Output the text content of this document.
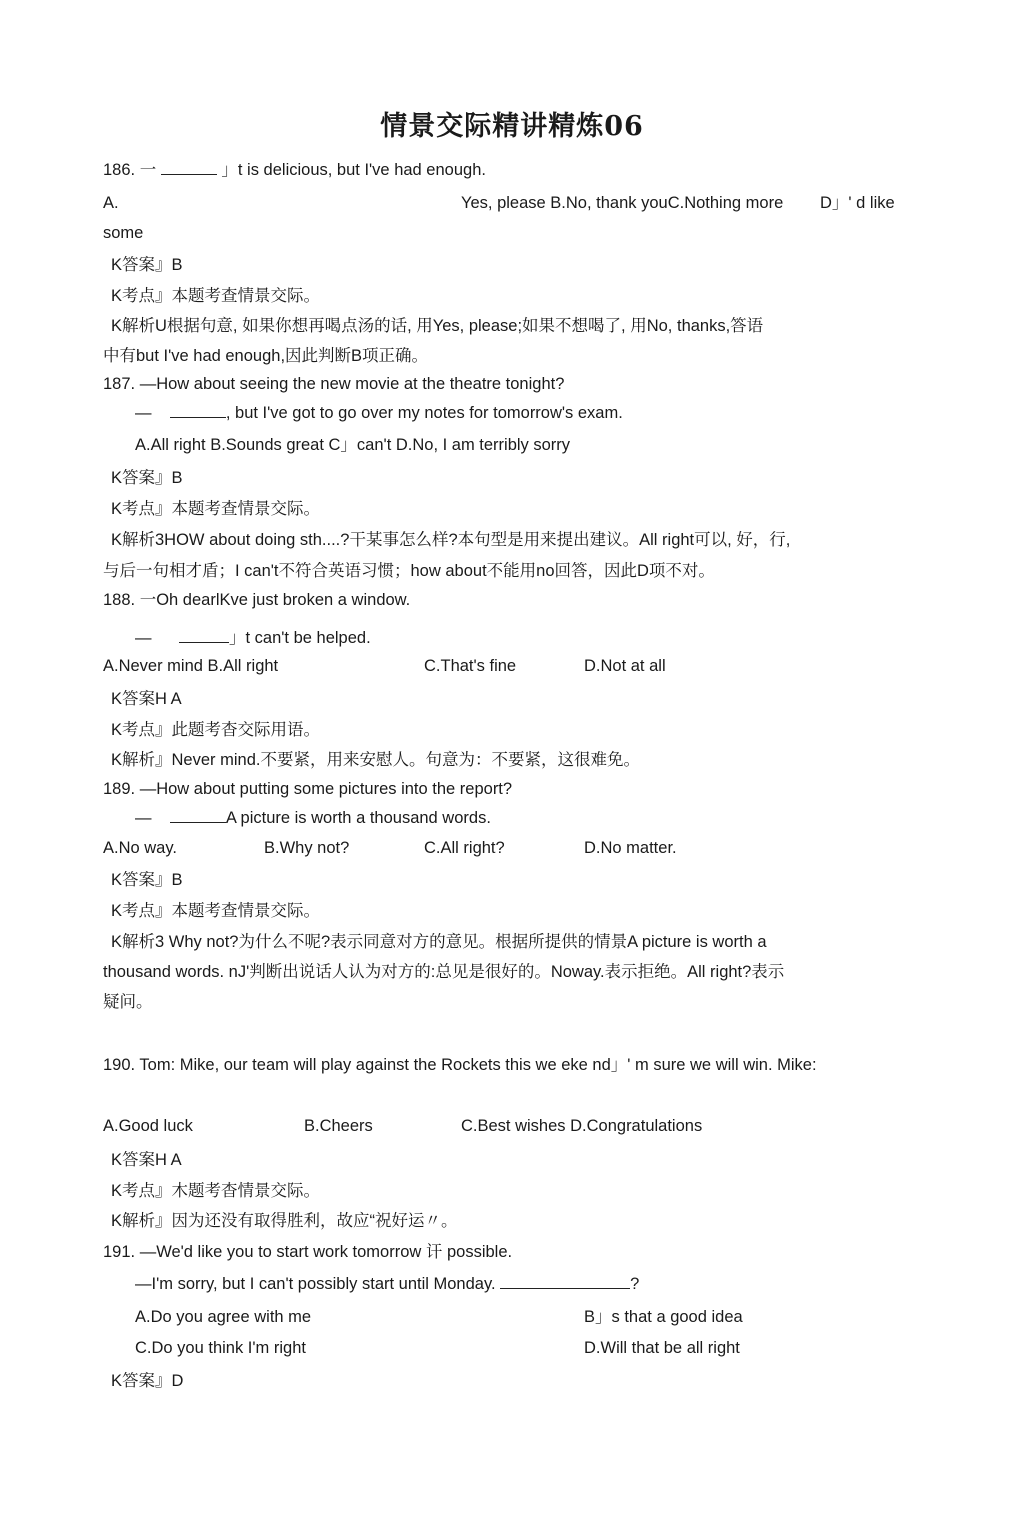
情景交际精讲精炼06
186. 一	」t is delicious, but I've had enough.
A.	Yes, please B.No, thank youC.Nothing more D」' d like
some
K答案』B
K考点』本题考查情景交际。
K解析U根据句意, 如果你想再喝点汤的话, 用Yes, please;如果不想喝了, 用No, thanks,答语
中有but I've had enough,因此判断B项正确。
187. —How about seeing the new movie at the theatre tonight?
—	, but I've got to go over my notes for tomorrow's exam.
A.All right B.Sounds great C」can't D.No, I am terribly sorry
K答案』B
K考点』本题考查情景交际。
K解析3HOW about doing sth....?干某事怎么样?本句型是用来提出建议。All right可以, 好，行,
与后一句相才盾；I can't不符合英语习惯；how about不能用no回答，因此D项不对。
188. 一Oh dearlKve just broken a window.
—	」t can't be helped.
A.Never mind B.All right	C.That's fine	D.Not at all
K答案H A
K考点』此题考杳交际用语。
K解析』Never mind.不要紧，用来安慰人。句意为：不要紧，这很难免。
189. —How about putting some pictures into the report?
—	A picture is worth a thousand words.
A.No way.	B.Why not?	C.All right?	D.No matter.
K答案』B
K考点』本题考查情景交际。
K解析3 Why not?为什么不呢?表示同意对方的意见。根据所提供的情景A picture is worth a
thousand words. nJ'判断出说话人认为对方的:总见是很好的。Noway.表示拒绝。All right?表示
疑问。
190. Tom: Mike, our team will play against the Rockets this we eke nd」' m sure we will win. Mike:
A.Good luck	B.Cheers	C.Best wishes D.Congratulations
K答案H A
K考点』木题考杳情景交际。
K解析』因为还没有取得胜利，故应“祝好运〃。
191. —We'd like you to start work tomorrow 讦 possible.
—I'm sorry, but I can't possibly start until Monday.	?
A.Do you agree with me	B」s that a good idea
C.Do you think I'm right	D.Will that be all right
K答案』D
